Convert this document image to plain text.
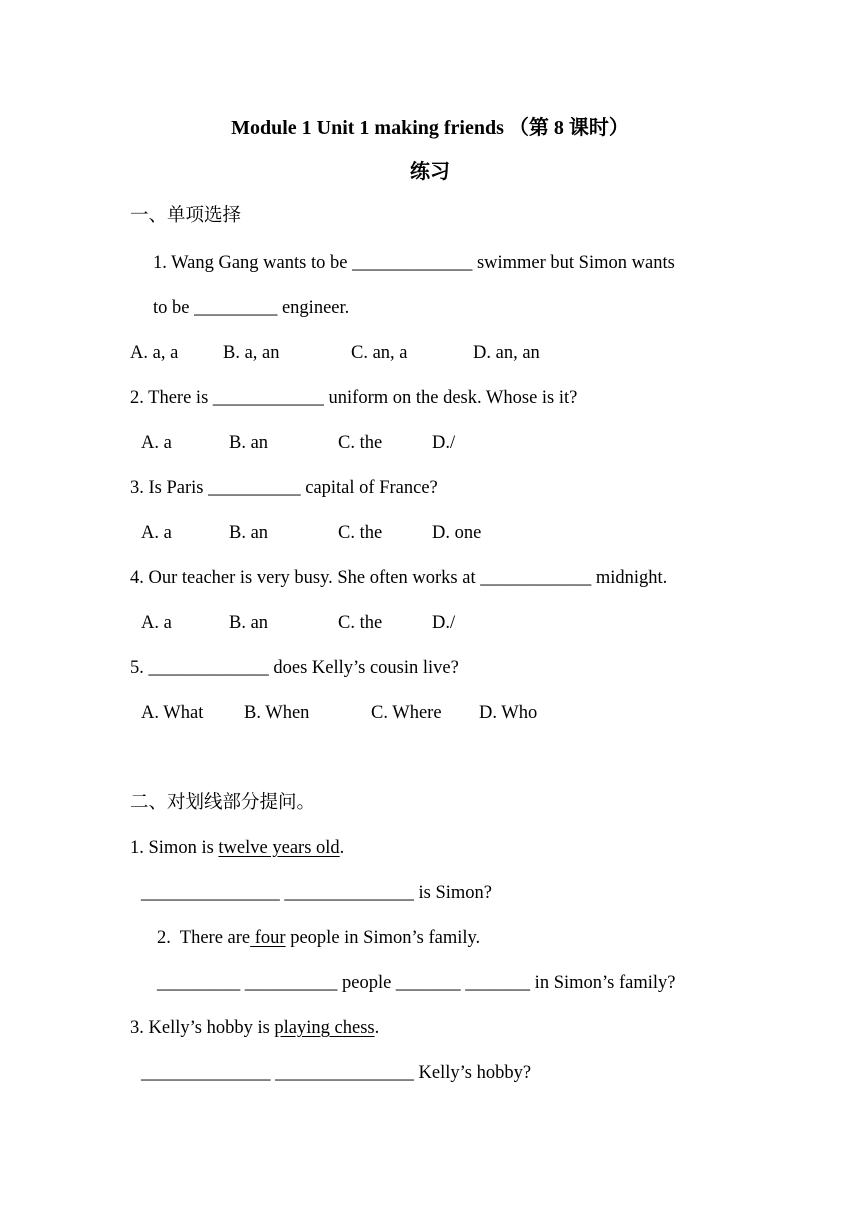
Module 1 Unit 1 making friends （第 8 课时）
练习
一、单项选择
1. Wang Gang wants to be _____________ swimmer but Simon wants
to be _________ engineer.
A. a, a B. a, an	C. an, a	D. an, an
2. There is ____________ uniform on the desk. Whose is it?
A. a	B. an	C. the	D./
3. Is Paris __________ capital of France?
A. a	B. an	C. the	D. one
4. Our teacher is very busy. She often works at ____________ midnight.
A. a	B. an	C. the	D./
5. _____________ does Kelly’s cousin live?
A. What B. When	C. Where D. Who
二、对划线部分提问。
1. Simon is twelve years old.
_______________ ______________ is Simon?
2.  There are four people in Simon’s family.
_________ __________ people _______ _______ in Simon’s family?
3. Kelly’s hobby is playing chess.
______________ _______________ Kelly’s hobby?
